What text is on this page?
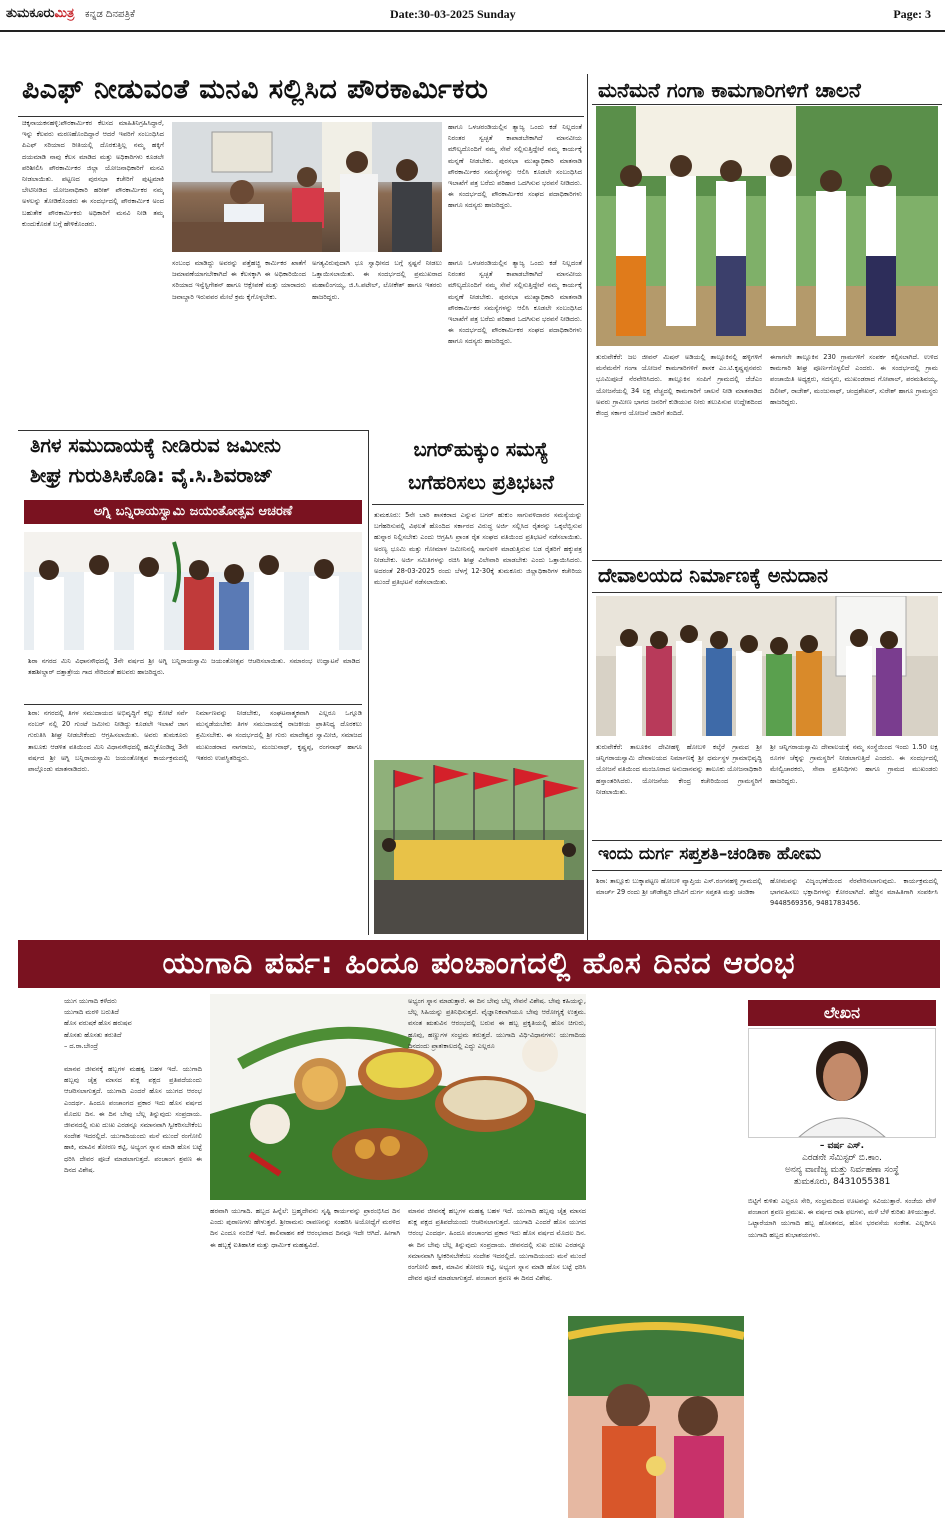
ತುಮಕೂರುಮಿತ್ರ ಕನ್ನಡ ದಿನಪತ್ರಿಕೆ	Date:30-03-2025 Sunday	Page: 3
ಪಿಎಫ್ ನೀಡುವಂತೆ ಮನವಿ ಸಲ್ಲಿಸಿದ ಪೌರಕಾರ್ಮಿಕರು
ಚಿಕ್ಕನಾಯಕನಹಳ್ಳಿ:ಪೌರಕಾರ್ಮಿಕರ ಕೆಲಸದ ಮಾಹಿತಿನಿಗ್ರಹಿಸಿದ್ದಾರೆ, ಇನ್ನು ಕೆಲವರು ಮರಣಹೊಂದಿದ್ದಾರೆ ಆದರೆ ಇವರಿಗೆ ಸಂಬಂಧಿಸಿದ ಪಿಎಫ್ ಸರಿಯಾದ ರೀತಿಯಲ್ಲಿ ದೊರಕುತ್ತಿಲ್ಲ ನಮ್ಮ ಹಕ್ಕಿಗೆ ದಯಮಾಡಿ ನಾವು ಕೆಲಸ ಮಾಡಿದ ಮತ್ತು ಅಧಿಕಾರಿಗಳು ಕೂಡಲೇ ಪರಿಶೀಲಿಸಿ ಪೌರಕಾರ್ಮಿಕರ ಜಿಲ್ಲಾ ಯೋಜನಾಧಿಕಾರಿಗೆ ಮನವಿ ನೀಡಲಾಯಿತು. ಪಟ್ಟಣದ ಪುರಸಭಾ ಕಚೇರಿಗೆ ಪುಟ್ಟಮಾಕಿ ಬೇಟಿನೀಡಿದ ಯೋಜನಾಧಿಕಾರಿ ಹರೀಶ್ ಪೌರಕಾರ್ಮಿಕರ ನಮ್ಮ ಅಳಲನ್ನು ತೋಡಿಕೊಂಡರು ಈ ಸಂದರ್ಭದಲ್ಲಿ ಪೌರಕಾರ್ಮಿಕ ಅಂದ ಬಹುತೇಕ ಪೌರಕಾರ್ಮಿಕರು ಅಧಿಕಾರಿಗೆ ಮನವಿ ನೀಡಿ ತಮ್ಮ ಕುಂದುಕೊರತೆ ಬಗ್ಗೆ ಹೇಳಿಕೊಂಡರು.
ಹಾಗೂ ಒಳಚರಂಡಿಯಲ್ಲಿನ ತ್ಯಾಜ್ಯ ಒಂದು ಕಡೆ ನಿಲ್ಲದಂತೆ ನಿರಂತರ ಸ್ವಚ್ಛತೆ ಕಾಪಾಡಬೇಕಾಗಿದೆ ಮಾನವೀಯ ಮೌಲ್ಯದೊಂದಿಗೆ ನಮ್ಮ ಸೇವೆ ಸಲ್ಲಿಸುತ್ತಿದ್ದೇವೆ ನಮ್ಮ ಕಾರ್ಯಕ್ಕೆ ಮನ್ನಣೆ ನೀಡಬೇಕು. ಪುರಸಭಾ ಮುಖ್ಯಾಧಿಕಾರಿ ಮಾತನಾಡಿ ಪೌರಕಾರ್ಮಿಕರ ಸಮಸ್ಯೆಗಳನ್ನು ಆಲಿಸಿ ಕೂಡಲೇ ಸಂಬಂಧಿಸಿದ ಇಲಾಖೆಗೆ ಪತ್ರ ಬರೆದು ಪರಿಹಾರ ಒದಗಿಸುವ ಭರವಸೆ ನೀಡಿದರು. ಈ ಸಂದರ್ಭದಲ್ಲಿ ಪೌರಕಾರ್ಮಿಕರ ಸಂಘದ ಪದಾಧಿಕಾರಿಗಳು ಹಾಗೂ ಸದಸ್ಯರು ಹಾಜರಿದ್ದರು.
ಸಂಬಂಧ ಮಾಡಿದ್ದು ಅವರನ್ನು ಪತ್ತೆಹಚ್ಚಿ ಕಾರ್ಮಿಕರ ಖಾತೆಗೆ ಜಮಾವಣೆಯಾಗಬೇಕಾಗಿದೆ ಈ ಕೆಲಸಕ್ಕಾಗಿ ಈ ಅಧಿಕಾರಿಯಿಂದ ಸರಿಯಾದ ಇನ್ವೆಸ್ಟಿಗೇಶನ್ ಹಾಗೂ ಆಕ್ಷೇಪಣೆ ಮತ್ತು ಯಾರಾದರು ಜವಾಬ್ದಾರಿ ಇರುವವರ ಮೇಲೆ ಕ್ರಮ ಕೈಗೊಳ್ಳಬೇಕು.
ಅಗತ್ಯವಿರುವುದಾಗಿ ಭೂ ಸ್ವಾಧೀನದ ಬಗ್ಗೆ ಸ್ಪಷ್ಟನೆ ನೀಡಲು ಒತ್ತಾಯಿಸಲಾಯಿತು. ಈ ಸಂದರ್ಭದಲ್ಲಿ ಪ್ರಮುಖರಾದ ಮಹಾಲಿಂಗಯ್ಯ, ಜಿ.ಸಿ.ಪಟೇಲ್, ಲೋಕೇಶ್ ಹಾಗೂ ಇತರರು ಹಾಜರಿದ್ದರು.
ಹಾಗೂ ಒಳಚರಂಡಿಯಲ್ಲಿನ ತ್ಯಾಜ್ಯ ಒಂದು ಕಡೆ ನಿಲ್ಲದಂತೆ ನಿರಂತರ ಸ್ವಚ್ಛತೆ ಕಾಪಾಡಬೇಕಾಗಿದೆ ಮಾನವೀಯ ಮೌಲ್ಯದೊಂದಿಗೆ ನಮ್ಮ ಸೇವೆ ಸಲ್ಲಿಸುತ್ತಿದ್ದೇವೆ ನಮ್ಮ ಕಾರ್ಯಕ್ಕೆ ಮನ್ನಣೆ ನೀಡಬೇಕು. ಪುರಸಭಾ ಮುಖ್ಯಾಧಿಕಾರಿ ಮಾತನಾಡಿ ಪೌರಕಾರ್ಮಿಕರ ಸಮಸ್ಯೆಗಳನ್ನು ಆಲಿಸಿ ಕೂಡಲೇ ಸಂಬಂಧಿಸಿದ ಇಲಾಖೆಗೆ ಪತ್ರ ಬರೆದು ಪರಿಹಾರ ಒದಗಿಸುವ ಭರವಸೆ ನೀಡಿದರು. ಈ ಸಂದರ್ಭದಲ್ಲಿ ಪೌರಕಾರ್ಮಿಕರ ಸಂಘದ ಪದಾಧಿಕಾರಿಗಳು ಹಾಗೂ ಸದಸ್ಯರು ಹಾಜರಿದ್ದರು.
ಮನೆಮನೆ ಗಂಗಾ ಕಾಮಗಾರಿಗಳಿಗೆ ಚಾಲನೆ
ತುರುವೇಕೆರೆ: ಜಲ ಜೀವನ್ ಮಿಷನ್ ಅಡಿಯಲ್ಲಿ ತಾಲ್ಲೂಕಿನಲ್ಲಿ ಹಳ್ಳಿಗಳಿಗೆ ಮನೆಮನೆಗೆ ಗಂಗಾ ಯೋಜನೆ ಕಾಮಗಾರಿಗಳಿಗೆ ಶಾಸಕ ಎಂ.ಟಿ.ಕೃಷ್ಣಪ್ಪನವರು ಭೂಮಿಪೂಜೆ ನೆರವೇರಿಸಿದರು. ತಾಲ್ಲೂಕಿನ ಸಂಪಿಗೆ ಗ್ರಾಮದಲ್ಲಿ ಜೆಜೆಎಂ ಯೋಜನೆಯಲ್ಲಿ 34 ಲಕ್ಷ ವೆಚ್ಚದಲ್ಲಿ ಕಾಮಗಾರಿಗೆ ಚಾಲನೆ ನೀಡಿ ಮಾತನಾಡಿದ ಅವರು ಗ್ರಾಮೀಣ ಭಾಗದ ಜನರಿಗೆ ಕುಡಿಯುವ ನೀರು ತಲುಪಿಸುವ ಉದ್ದೇಶದಿಂದ ಕೇಂದ್ರ ಸರ್ಕಾರ ಯೋಜನೆ ಜಾರಿಗೆ ತಂದಿದೆ.
ಈಗಾಗಲೇ ತಾಲ್ಲೂಕಿನ 230 ಗ್ರಾಮಗಳಿಗೆ ಸಂಪರ್ಕ ಕಲ್ಪಿಸಲಾಗಿದೆ. ಉಳಿದ ಕಾಮಗಾರಿ ಶೀಘ್ರ ಪೂರ್ಣಗೊಳ್ಳಲಿದೆ ಎಂದರು. ಈ ಸಂದರ್ಭದಲ್ಲಿ ಗ್ರಾಮ ಪಂಚಾಯಿತಿ ಅಧ್ಯಕ್ಷರು, ಸದಸ್ಯರು, ಮುಖಂಡರಾದ ಗೋಪಾಲ್, ಪರಮಶಿವಯ್ಯ, ದಿಲೀಪ್, ರಾಜೇಶ್, ಮಂಜುನಾಥ್, ಚಂದ್ರಶೇಖರ್, ಸುರೇಶ್ ಹಾಗೂ ಗ್ರಾಮಸ್ಥರು ಹಾಜರಿದ್ದರು.
ತಿಗಳ ಸಮುದಾಯಕ್ಕೆ ನೀಡಿರುವ ಜಮೀನು
ಶೀಘ್ರ ಗುರುತಿಸಿಕೊಡಿ: ವೈ.ಸಿ.ಶಿವರಾಜ್
ಅಗ್ನಿ ಬನ್ನಿರಾಯಸ್ವಾಮಿ ಜಯಂತೋತ್ಸವ ಆಚರಣೆ
ಶಿರಾ ನಗರದ ಮಿನಿ ವಿಧಾನಸೌಧದಲ್ಲಿ 3ನೇ ವರ್ಷದ ಶ್ರೀ ಅಗ್ನಿ ಬನ್ನಿರಾಯಸ್ವಾಮಿ ಜಯಂತೋತ್ಸವ ಆಚರಿಸಲಾಯಿತು. ಸಮಾರಂಭ ಉದ್ಘಾಟನೆ ಮಾಡಿದ ತಹಶೀಲ್ದಾರ್ ದತ್ತಾತ್ರೇಯ ಗಾದ ಸೇರಿದಂತೆ ಹಲವರು ಹಾಜರಿದ್ದರು.
ಶಿರಾ: ನಗರದಲ್ಲಿ ತಿಗಳ ಸಮುದಾಯದ ಅಭಿವೃದ್ಧಿಗೆ ಕಲ್ಲು ಕೋಟೆ ಸರ್ವೆ ನಂಬರ್ ನಲ್ಲಿ 20 ಗುಂಟೆ ಜಮೀನು ನೀಡಿದ್ದು ಕೂಡಲೇ ಇಲಾಖೆ ಜಾಗ ಗುರುತಿಸಿ ಶೀಘ್ರ ನೀಡಬೇಕೆಂದು ಆಗ್ರಹಿಸಲಾಯಿತು. ಅವರು ತುಮಕೂರು ತಾಲೂಕು ಆಡಳಿತ ವತಿಯಿಂದ ಮಿನಿ ವಿಧಾನಸೌಧದಲ್ಲಿ ಹಮ್ಮಿಕೊಂಡಿದ್ದ 3ನೇ ವರ್ಷದ ಶ್ರೀ ಅಗ್ನಿ ಬನ್ನಿರಾಯಸ್ವಾಮಿ ಜಯಂತೋತ್ಸವ ಕಾರ್ಯಕ್ರಮದಲ್ಲಿ ಪಾಲ್ಗೊಂಡು ಮಾತನಾಡಿದರು.
ನಿರ್ಮಾಣವನ್ನು ನೀಡಬೇಕು, ಸಂಘಟನಾತ್ಮಕವಾಗಿ ಎಲ್ಲರೂ ಒಗ್ಗೂಡಿ ಮುನ್ನಡೆಯಬೇಕು ತಿಗಳ ಸಮುದಾಯಕ್ಕೆ ರಾಜಕೀಯ ಪ್ರಾತಿನಿಧ್ಯ ದೊರಕಲು ಶ್ರಮಿಸಬೇಕು. ಈ ಸಂದರ್ಭದಲ್ಲಿ ಶ್ರೀ ಗುರು ಮಾದೇಶ್ವರ ಸ್ವಾಮೀಜಿ, ಸಮಾಜದ ಮುಖಂಡರಾದ ನಾಗರಾಜು, ಮಂಜುನಾಥ್, ಕೃಷ್ಣಪ್ಪ, ರಂಗನಾಥ್ ಹಾಗೂ ಇತರರು ಉಪಸ್ಥಿತರಿದ್ದರು.
ಬಗರ್‌ಹುಕ್ಕುಂ ಸಮಸ್ಯೆ
ಬಗೆಹರಿಸಲು ಪ್ರತಿಭಟನೆ
ತುಮಕೂರು: 5ನೇ ಬಾರಿ ಶಾಸಕರಾದ ಎನ್ನುವ ಬಗರ್ ಹುಕುಂ ಸಾಗುವಳಿದಾರರ ಸಮಸ್ಯೆಯನ್ನು ಬಗೆಹರಿಸುವಲ್ಲಿ ವಿಫಲತೆ ಹೊಂದಿದ ಸರ್ಕಾರದ ವಿರುದ್ಧ ಅರ್ಜಿ ಸಲ್ಲಿಸಿದ ರೈತರನ್ನು ಒಕ್ಕಲೆಬ್ಬಿಸುವ ಹುನ್ನಾರ ನಿಲ್ಲಿಸಬೇಕು ಎಂದು ಆಗ್ರಹಿಸಿ ಪ್ರಾಂತ ರೈತ ಸಂಘದ ವತಿಯಿಂದ ಪ್ರತಿಭಟನೆ ನಡೆಸಲಾಯಿತು. ಅರಣ್ಯ ಭೂಮಿ ಮತ್ತು ಗೋಮಾಳ ಜಮೀನಿನಲ್ಲಿ ಸಾಗುವಳಿ ಮಾಡುತ್ತಿರುವ ಬಡ ರೈತರಿಗೆ ಹಕ್ಕುಪತ್ರ ನೀಡಬೇಕು. ಅರ್ಜಿ ಸಮಿತಿಗಳನ್ನು ರಚಿಸಿ ಶೀಘ್ರ ವಿಲೇವಾರಿ ಮಾಡಬೇಕು ಎಂದು ಒತ್ತಾಯಿಸಿದರು. ಅದರಂತೆ 28-03-2025 ರಂದು ಬೆಳಗ್ಗೆ 12-30ಕ್ಕೆ ತುಮಕೂರು ಜಿಲ್ಲಾಧಿಕಾರಿಗಳ ಕಚೇರಿಯ ಮುಂದೆ ಪ್ರತಿಭಟನೆ ನಡೆಸಲಾಯಿತು.	ದೇವಾಲಯದ ನಿರ್ಮಾಣಕ್ಕೆ ಅನುದಾನ
ತುರುವೇಕೆರೆ: ತಾಲೂಕಿನ ದೇವೀಹಳ್ಳಿ ಹೋಬಳಿ ಕಲ್ಕೆರೆ ಗ್ರಾಮದ ಶ್ರೀ ಚನ್ನಿಗರಾಯಸ್ವಾಮಿ ದೇವಾಲಯದ ನಿರ್ಮಾಣಕ್ಕೆ ಶ್ರೀ ಧರ್ಮಸ್ಥಳ ಗ್ರಾಮಾಭಿವೃದ್ಧಿ ಯೋಜನೆ ವತಿಯಿಂದ ಮಂಜೂರಾದ ಅನುದಾನವನ್ನು ತಾಲೂಕು ಯೋಜನಾಧಿಕಾರಿ ಹಸ್ತಾಂತರಿಸಿದರು. ಯೋಜನೆಯ ಕೇಂದ್ರ ಕಚೇರಿಯಿಂದ ಗ್ರಾಮಸ್ಥರಿಗೆ ನೀಡಲಾಯಿತು.
ಶ್ರೀ ಚನ್ನಿಗರಾಯಸ್ವಾಮಿ ದೇವಾಲಯಕ್ಕೆ ನಮ್ಮ ಸಂಸ್ಥೆಯಿಂದ ಇಂದು 1.50 ಲಕ್ಷ ರೂಗಳ ಚೆಕ್ಕನ್ನು ಗ್ರಾಮಸ್ಥರಿಗೆ ನೀಡಲಾಗುತ್ತಿದೆ ಎಂದರು. ಈ ಸಂದರ್ಭದಲ್ಲಿ ಮೇಲ್ವಿಚಾರಕರು, ಸೇವಾ ಪ್ರತಿನಿಧಿಗಳು ಹಾಗೂ ಗ್ರಾಮದ ಮುಖಂಡರು ಹಾಜರಿದ್ದರು.
ಇಂದು ದುರ್ಗ ಸಪ್ತಶತಿ–ಚಂಡಿಕಾ ಹೋಮ
ಶಿರಾ: ತಾಲ್ಲೂಕು ಬುಕ್ಕಾಪಟ್ಟಣ ಹೋಬಳಿ ವ್ಯಾಪ್ತಿಯ ಎಸ್.ರಂಗನಹಳ್ಳಿ ಗ್ರಾಮದಲ್ಲಿ ಮಾರ್ಚ್ 29 ರಂದು ಶ್ರೀ ಚೌಡೇಶ್ವರಿ ದೇವಿಗೆ ದುರ್ಗ ಸಪ್ತಶತಿ ಮತ್ತು ಚಂಡಿಕಾ
ಹೋಮವನ್ನು ವಿಜೃಂಭಣೆಯಿಂದ ನೆರವೇರಿಸಲಾಗುವುದು. ಕಾರ್ಯಕ್ರಮದಲ್ಲಿ ಭಾಗವಹಿಸಲು ಭಕ್ತಾದಿಗಳನ್ನು ಕೋರಲಾಗಿದೆ. ಹೆಚ್ಚಿನ ಮಾಹಿತಿಗಾಗಿ ಸಂಪರ್ಕಿಸಿ 9448569356, 9481783456.
ಯುಗಾದಿ ಪರ್ವ: ಹಿಂದೂ ಪಂಚಾಂಗದಲ್ಲಿ ಹೊಸ ದಿನದ ಆರಂಭ
ಯುಗ ಯುಗಾದಿ ಕಳೆದರು
ಯುಗಾದಿ ಮರಳಿ ಬರುತಿದೆ
ಹೊಸ ವರುಷಕೆ ಹೊಸ ಹರುಷವ
ಹೊಸತು ಹೊಸತು ತರುತಿದೆ
– ದ.ರಾ.ಬೇಂದ್ರೆ
ಮಾನವ ಜೀವನಕ್ಕೆ ಹಬ್ಬಗಳ ಮಹತ್ವ ಬಹಳ ಇದೆ. ಯುಗಾದಿ ಹಬ್ಬವು ಚೈತ್ರ ಮಾಸದ ಶುಕ್ಲ ಪಕ್ಷದ ಪ್ರತಿಪದೆಯಂದು ಆಚರಿಸಲಾಗುತ್ತದೆ. ಯುಗಾದಿ ಎಂದರೆ ಹೊಸ ಯುಗದ ಆರಂಭ ಎಂದರ್ಥ. ಹಿಂದೂ ಪಂಚಾಂಗದ ಪ್ರಕಾರ ಇದು ಹೊಸ ವರ್ಷದ ಮೊದಲ ದಿನ. ಈ ದಿನ ಬೇವು ಬೆಲ್ಲ ತಿನ್ನುವುದು ಸಂಪ್ರದಾಯ. ಜೀವನದಲ್ಲಿ ಸುಖ ದುಃಖ ಎರಡನ್ನೂ ಸಮಾನವಾಗಿ ಸ್ವೀಕರಿಸಬೇಕೆಂಬ ಸಂದೇಶ ಇದರಲ್ಲಿದೆ. ಯುಗಾದಿಯಂದು ಮನೆ ಮುಂದೆ ರಂಗೋಲಿ ಹಾಕಿ, ಮಾವಿನ ತೋರಣ ಕಟ್ಟಿ, ಅಭ್ಯಂಗ ಸ್ನಾನ ಮಾಡಿ ಹೊಸ ಬಟ್ಟೆ ಧರಿಸಿ ದೇವರ ಪೂಜೆ ಮಾಡಲಾಗುತ್ತದೆ. ಪಂಚಾಂಗ ಶ್ರವಣ ಈ ದಿನದ ವಿಶೇಷ.
ಹರವಾಗಿ ಯುಗಾದಿ. ಹಬ್ಬದ ಹಿನ್ನೆಲೆ: ಬ್ರಹ್ಮದೇವನು ಸೃಷ್ಟಿ ಕಾರ್ಯವನ್ನು ಪ್ರಾರಂಭಿಸಿದ ದಿನ ಎಂದು ಪುರಾಣಗಳು ಹೇಳುತ್ತವೆ. ಶ್ರೀರಾಮನು ರಾವಣನನ್ನು ಸಂಹರಿಸಿ ಅಯೋಧ್ಯೆಗೆ ಮರಳಿದ ದಿನ ಎಂದೂ ನಂಬಿಕೆ ಇದೆ. ಶಾಲಿವಾಹನ ಶಕೆ ಆರಂಭವಾದ ದಿನವೂ ಇದೇ ಆಗಿದೆ. ಹೀಗಾಗಿ ಈ ಹಬ್ಬಕ್ಕೆ ಐತಿಹಾಸಿಕ ಮತ್ತು ಧಾರ್ಮಿಕ ಮಹತ್ವವಿದೆ.
ಅಭ್ಯಂಗ ಸ್ನಾನ ಮಾಡುತ್ತಾರೆ. ಈ ದಿನ ಬೇವು ಬೆಲ್ಲ ಸೇವನೆ ವಿಶೇಷ. ಬೇವು ಕಹಿಯನ್ನು, ಬೆಲ್ಲ ಸಿಹಿಯನ್ನು ಪ್ರತಿನಿಧಿಸುತ್ತದೆ. ವೈಜ್ಞಾನಿಕವಾಗಿಯೂ ಬೇವು ಆರೋಗ್ಯಕ್ಕೆ ಉತ್ತಮ. ವಸಂತ ಋತುವಿನ ಆರಂಭದಲ್ಲಿ ಬರುವ ಈ ಹಬ್ಬ ಪ್ರಕೃತಿಯಲ್ಲಿ ಹೊಸ ಚಿಗುರು, ಹೂವು, ಹಣ್ಣುಗಳ ಸಂಭ್ರಮ ತರುತ್ತದೆ. ಯುಗಾದಿ ವಿಧಿ-ವಿಧಾನಗಳು: ಯುಗಾದಿಯ ದಿನದಂದು ಪ್ರಾತಃಕಾಲದಲ್ಲಿ ಎದ್ದು ಎಲ್ಲರೂ
ಮಾನವ ಜೀವನಕ್ಕೆ ಹಬ್ಬಗಳ ಮಹತ್ವ ಬಹಳ ಇದೆ. ಯುಗಾದಿ ಹಬ್ಬವು ಚೈತ್ರ ಮಾಸದ ಶುಕ್ಲ ಪಕ್ಷದ ಪ್ರತಿಪದೆಯಂದು ಆಚರಿಸಲಾಗುತ್ತದೆ. ಯುಗಾದಿ ಎಂದರೆ ಹೊಸ ಯುಗದ ಆರಂಭ ಎಂದರ್ಥ. ಹಿಂದೂ ಪಂಚಾಂಗದ ಪ್ರಕಾರ ಇದು ಹೊಸ ವರ್ಷದ ಮೊದಲ ದಿನ. ಈ ದಿನ ಬೇವು ಬೆಲ್ಲ ತಿನ್ನುವುದು ಸಂಪ್ರದಾಯ. ಜೀವನದಲ್ಲಿ ಸುಖ ದುಃಖ ಎರಡನ್ನೂ ಸಮಾನವಾಗಿ ಸ್ವೀಕರಿಸಬೇಕೆಂಬ ಸಂದೇಶ ಇದರಲ್ಲಿದೆ. ಯುಗಾದಿಯಂದು ಮನೆ ಮುಂದೆ ರಂಗೋಲಿ ಹಾಕಿ, ಮಾವಿನ ತೋರಣ ಕಟ್ಟಿ, ಅಭ್ಯಂಗ ಸ್ನಾನ ಮಾಡಿ ಹೊಸ ಬಟ್ಟೆ ಧರಿಸಿ ದೇವರ ಪೂಜೆ ಮಾಡಲಾಗುತ್ತದೆ. ಪಂಚಾಂಗ ಶ್ರವಣ ಈ ದಿನದ ವಿಶೇಷ.
ಲೇಖನ
– ವರ್ಷ ಎಸ್.
ಎರಡನೇ ಸೆಮಿಸ್ಟರ್ ಬಿ.ಕಾಂ.
ಅನನ್ಯ ವಾಣಿಜ್ಯ ಮತ್ತು ನಿರ್ವಹಣಾ ಸಂಸ್ಥೆ
ತುಮಕೂರು, 8431055381
ಬಿಟ್ಟಿಗೆ ಕುಳಿತು ಎಲ್ಲರೂ ಸೇರಿ, ಸಂಭ್ರಮದಿಂದ ಊಟವನ್ನು ಸವಿಯುತ್ತಾರೆ. ಸಂಜೆಯ ವೇಳೆ ಪಂಚಾಂಗ ಶ್ರವಣ ಪ್ರಮುಖ. ಈ ವರ್ಷದ ರಾಶಿ ಫಲಗಳು, ಮಳೆ ಬೆಳೆ ಕುರಿತು ತಿಳಿಯುತ್ತಾರೆ. ಒಟ್ಟಾರೆಯಾಗಿ ಯುಗಾದಿ ಹಬ್ಬ ಹೊಸತನದ, ಹೊಸ ಭರವಸೆಯ ಸಂಕೇತ. ಎಲ್ಲರಿಗೂ ಯುಗಾದಿ ಹಬ್ಬದ ಶುಭಾಶಯಗಳು.
